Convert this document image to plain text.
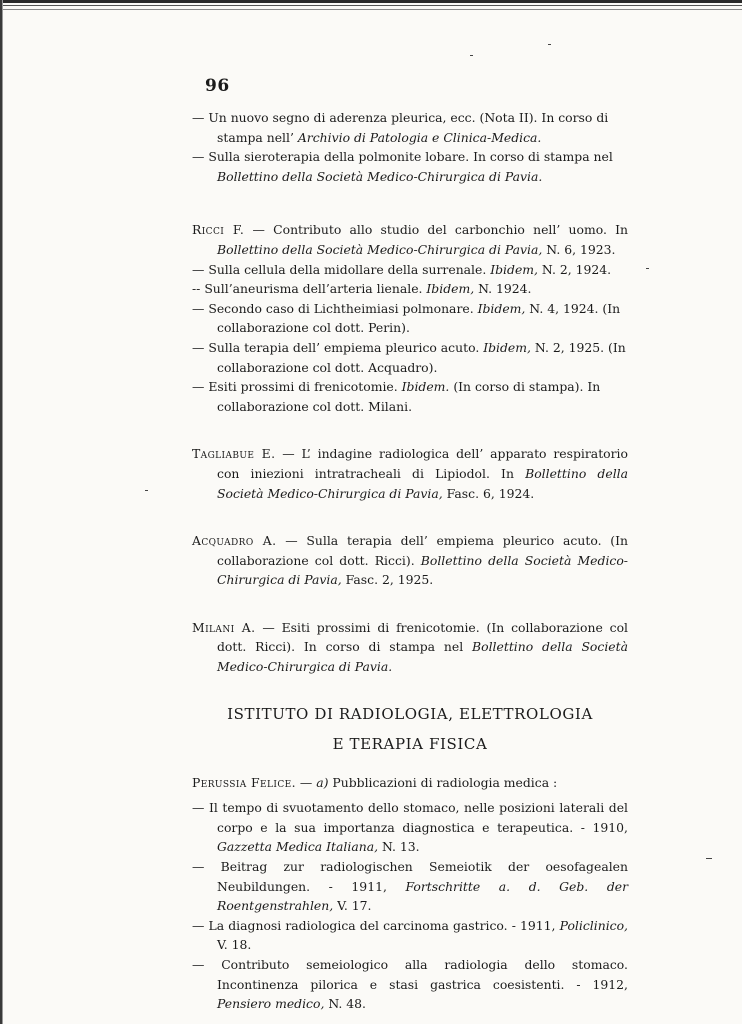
96

— Un nuovo segno di aderenza pleurica, ecc. (Nota II). In corso di stampa nell’ Archivio di Patologia e Clinica-Medica.

— Sulla sieroterapia della polmonite lobare. In corso di stampa nel Bollettino della Società Medico-Chirurgica di Pavia.

Ricci F. — Contributo allo studio del carbonchio nell’ uomo. In Bollettino della Società Medico-Chirurgica di Pavia, N. 6, 1923.

— Sulla cellula della midollare della surrenale. Ibidem, N. 2, 1924.

-- Sull’aneurisma dell’arteria lienale. Ibidem, N. 1924.

— Secondo caso di Lichtheimiasi polmonare. Ibidem, N. 4, 1924. (In collaborazione col dott. Perin).

— Sulla terapia dell’ empiema pleurico acuto. Ibidem, N. 2, 1925. (In collaborazione col dott. Acquadro).

— Esiti prossimi di frenicotomie. Ibidem. (In corso di stampa). In collaborazione col dott. Milani.

Tagliabue E. — L’ indagine radiologica dell’ apparato respiratorio con iniezioni intratracheali di Lipiodol. In Bollettino della Società Medico-Chirurgica di Pavia, Fasc. 6, 1924.

Acquadro A. — Sulla terapia dell’ empiema pleurico acuto. (In collaborazione col dott. Ricci). Bollettino della Società Medico-Chirurgica di Pavia, Fasc. 2, 1925.

Milani A. — Esiti prossimi di frenicotomie. (In collaborazione col dott. Ricci). In corso di stampa nel Bollettino della Società Medico-Chirurgica di Pavia.

ISTITUTO DI RADIOLOGIA, ELETTROLOGIA

E TERAPIA FISICA

Perussia Felice. — a) Pubblicazioni di radiologia medica :

— Il tempo di svuotamento dello stomaco, nelle posizioni laterali del corpo e la sua importanza diagnostica e terapeutica. - 1910, Gazzetta Medica Italiana, N. 13.

— Beitrag zur radiologischen Semeiotik der oesofagealen Neubildungen. - 1911, Fortschritte a. d. Geb. der Roentgenstrahlen, V. 17.

— La diagnosi radiologica del carcinoma gastrico. - 1911, Policlinico, V. 18.

— Contributo semeiologico alla radiologia dello stomaco. Incontinenza pilorica e stasi gastrica coesistenti. - 1912, Pensiero medico, N. 48.
